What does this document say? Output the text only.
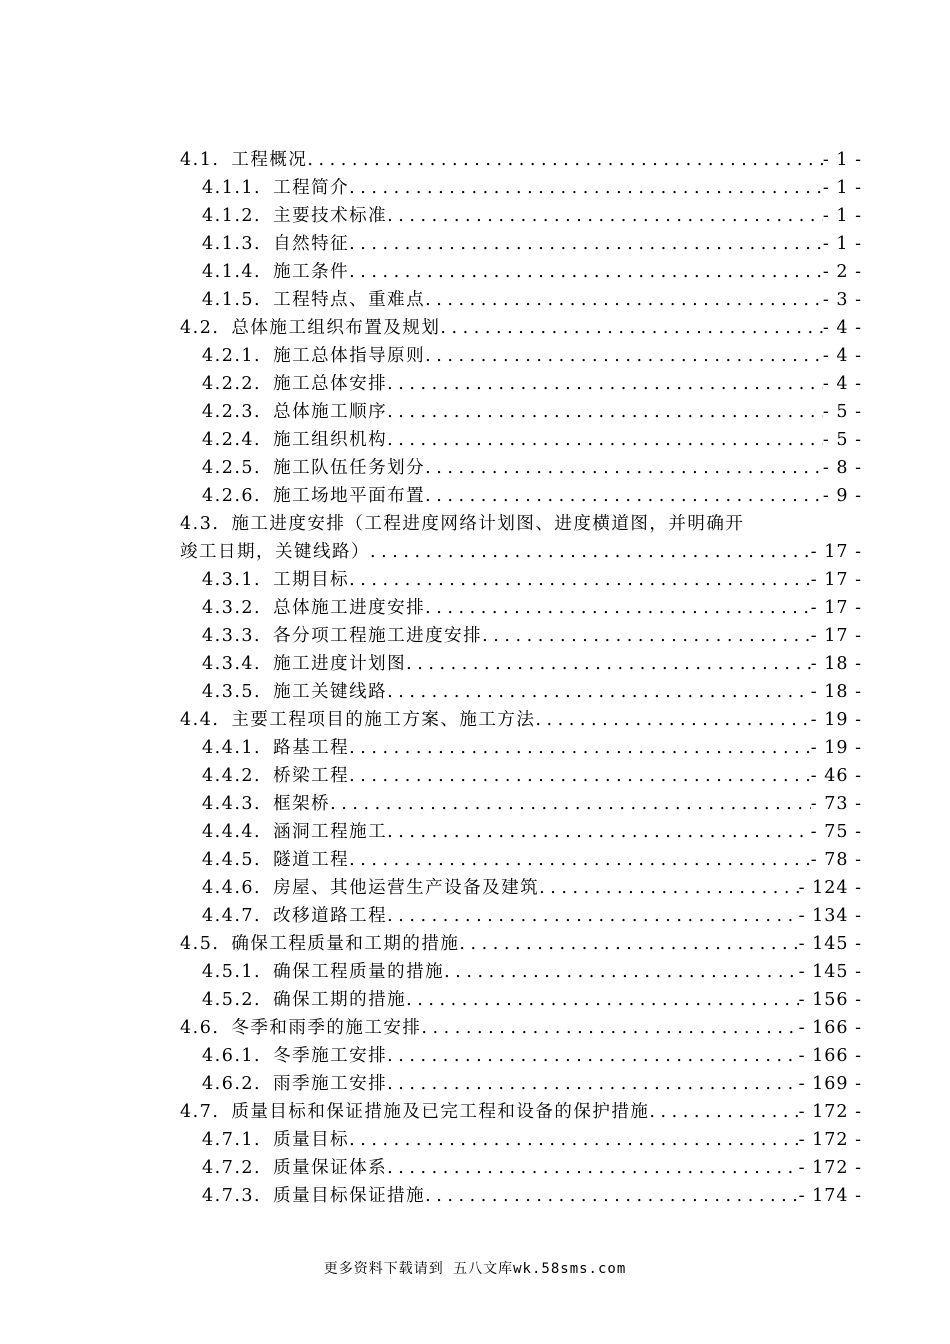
4.1. 工程概况 . . .	- 1 -
4.1.1. 工程简介 . . .	- 1 -
4.1.2. 主要技术标准 . . .	- 1 -
4.1.3. 自然特征 . . .	- 1 -
4.1.4. 施工条件 . . .	- 2 -
4.1.5. 工程特点、重难点 . . .	- 3 -
4.2. 总体施工组织布置及规划 . . .	- 4 -
4.2.1. 施工总体指导原则 . . .	- 4 -
4.2.2. 施工总体安排 . . .	- 4 -
4.2.3. 总体施工顺序 . . .	- 5 -
4.2.4. 施工组织机构 . . .	- 5 -
4.2.5. 施工队伍任务划分 . . .	- 8 -
4.2.6. 施工场地平面布置 . . .	- 9 -
4.3. 施工进度安排（工程进度网络计划图、进度横道图，并明确开
竣工日期，关键线路） . . .	- 17 -
4.3.1. 工期目标 . . .	- 17 -
4.3.2. 总体施工进度安排 . . .	- 17 -
4.3.3. 各分项工程施工进度安排 . . .	- 17 -
4.3.4. 施工进度计划图 . . .	- 18 -
4.3.5. 施工关键线路 . . .	- 18 -
4.4. 主要工程项目的施工方案、施工方法 . . .	- 19 -
4.4.1. 路基工程 . . .	- 19 -
4.4.2. 桥梁工程 . . .	- 46 -
4.4.3. 框架桥 . . .	- 73 -
4.4.4. 涵洞工程施工 . . .	- 75 -
4.4.5. 隧道工程 . . .	- 78 -
4.4.6. 房屋、其他运营生产设备及建筑 . . .	- 124 -
4.4.7. 改移道路工程 . . .	- 134 -
4.5. 确保工程质量和工期的措施 . . .	- 145 -
4.5.1. 确保工程质量的措施 . . .	- 145 -
4.5.2. 确保工期的措施 . . .	- 156 -
4.6. 冬季和雨季的施工安排 . . .	- 166 -
4.6.1. 冬季施工安排 . . .	- 166 -
4.6.2. 雨季施工安排 . . .	- 169 -
4.7. 质量目标和保证措施及已完工程和设备的保护措施 . . .	- 172 -
4.7.1. 质量目标 . . .	- 172 -
4.7.2. 质量保证体系 . . .	- 172 -
4.7.3. 质量目标保证措施 . . .	- 174 -
更多资料下载请到 五八文库wk.58sms.com
